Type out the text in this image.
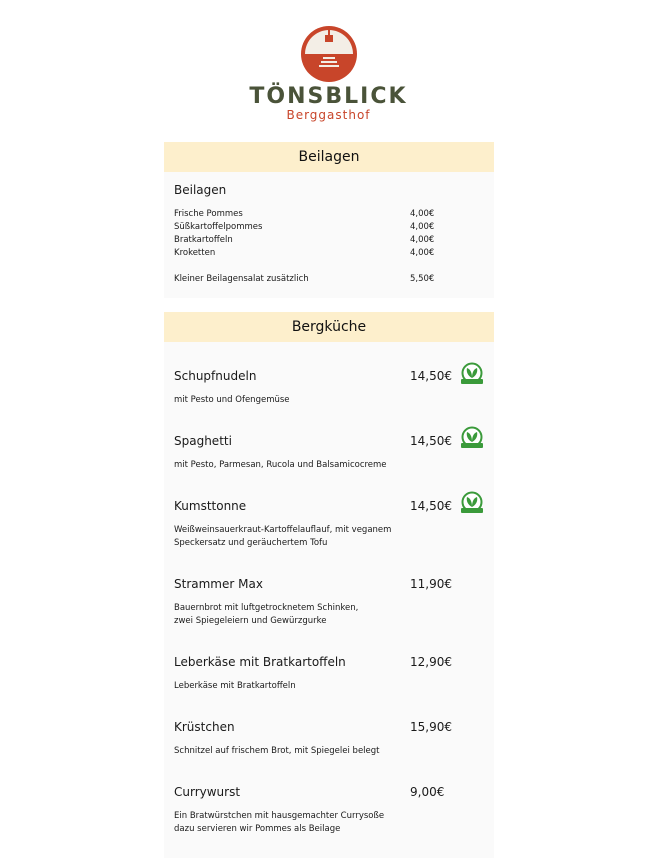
TÖNSBLICK
Berggasthof
Beilagen
Beilagen
Frische Pommes	4,00€
Süßkartoffelpommes	4,00€
Bratkartoffeln	4,00€
Kroketten	4,00€
Kleiner Beilagensalat zusätzlich	5,50€
Bergküche
Schupfnudeln	14,50€
mit Pesto und Ofengemüse
Spaghetti	14,50€
mit Pesto, Parmesan, Rucola und Balsamicocreme
Kumsttonne	14,50€
Weißweinsauerkraut-Kartoffelauflauf, mit veganem
Speckersatz und geräuchertem Tofu
Strammer Max	11,90€
Bauernbrot mit luftgetrocknetem Schinken,
zwei Spiegeleiern und Gewürzgurke
Leberkäse mit Bratkartoffeln	12,90€
Leberkäse mit Bratkartoffeln
Krüstchen	15,90€
Schnitzel auf frischem Brot, mit Spiegelei belegt
Currywurst	9,00€
Ein Bratwürstchen mit hausgemachter Currysoße
dazu servieren wir Pommes als Beilage
